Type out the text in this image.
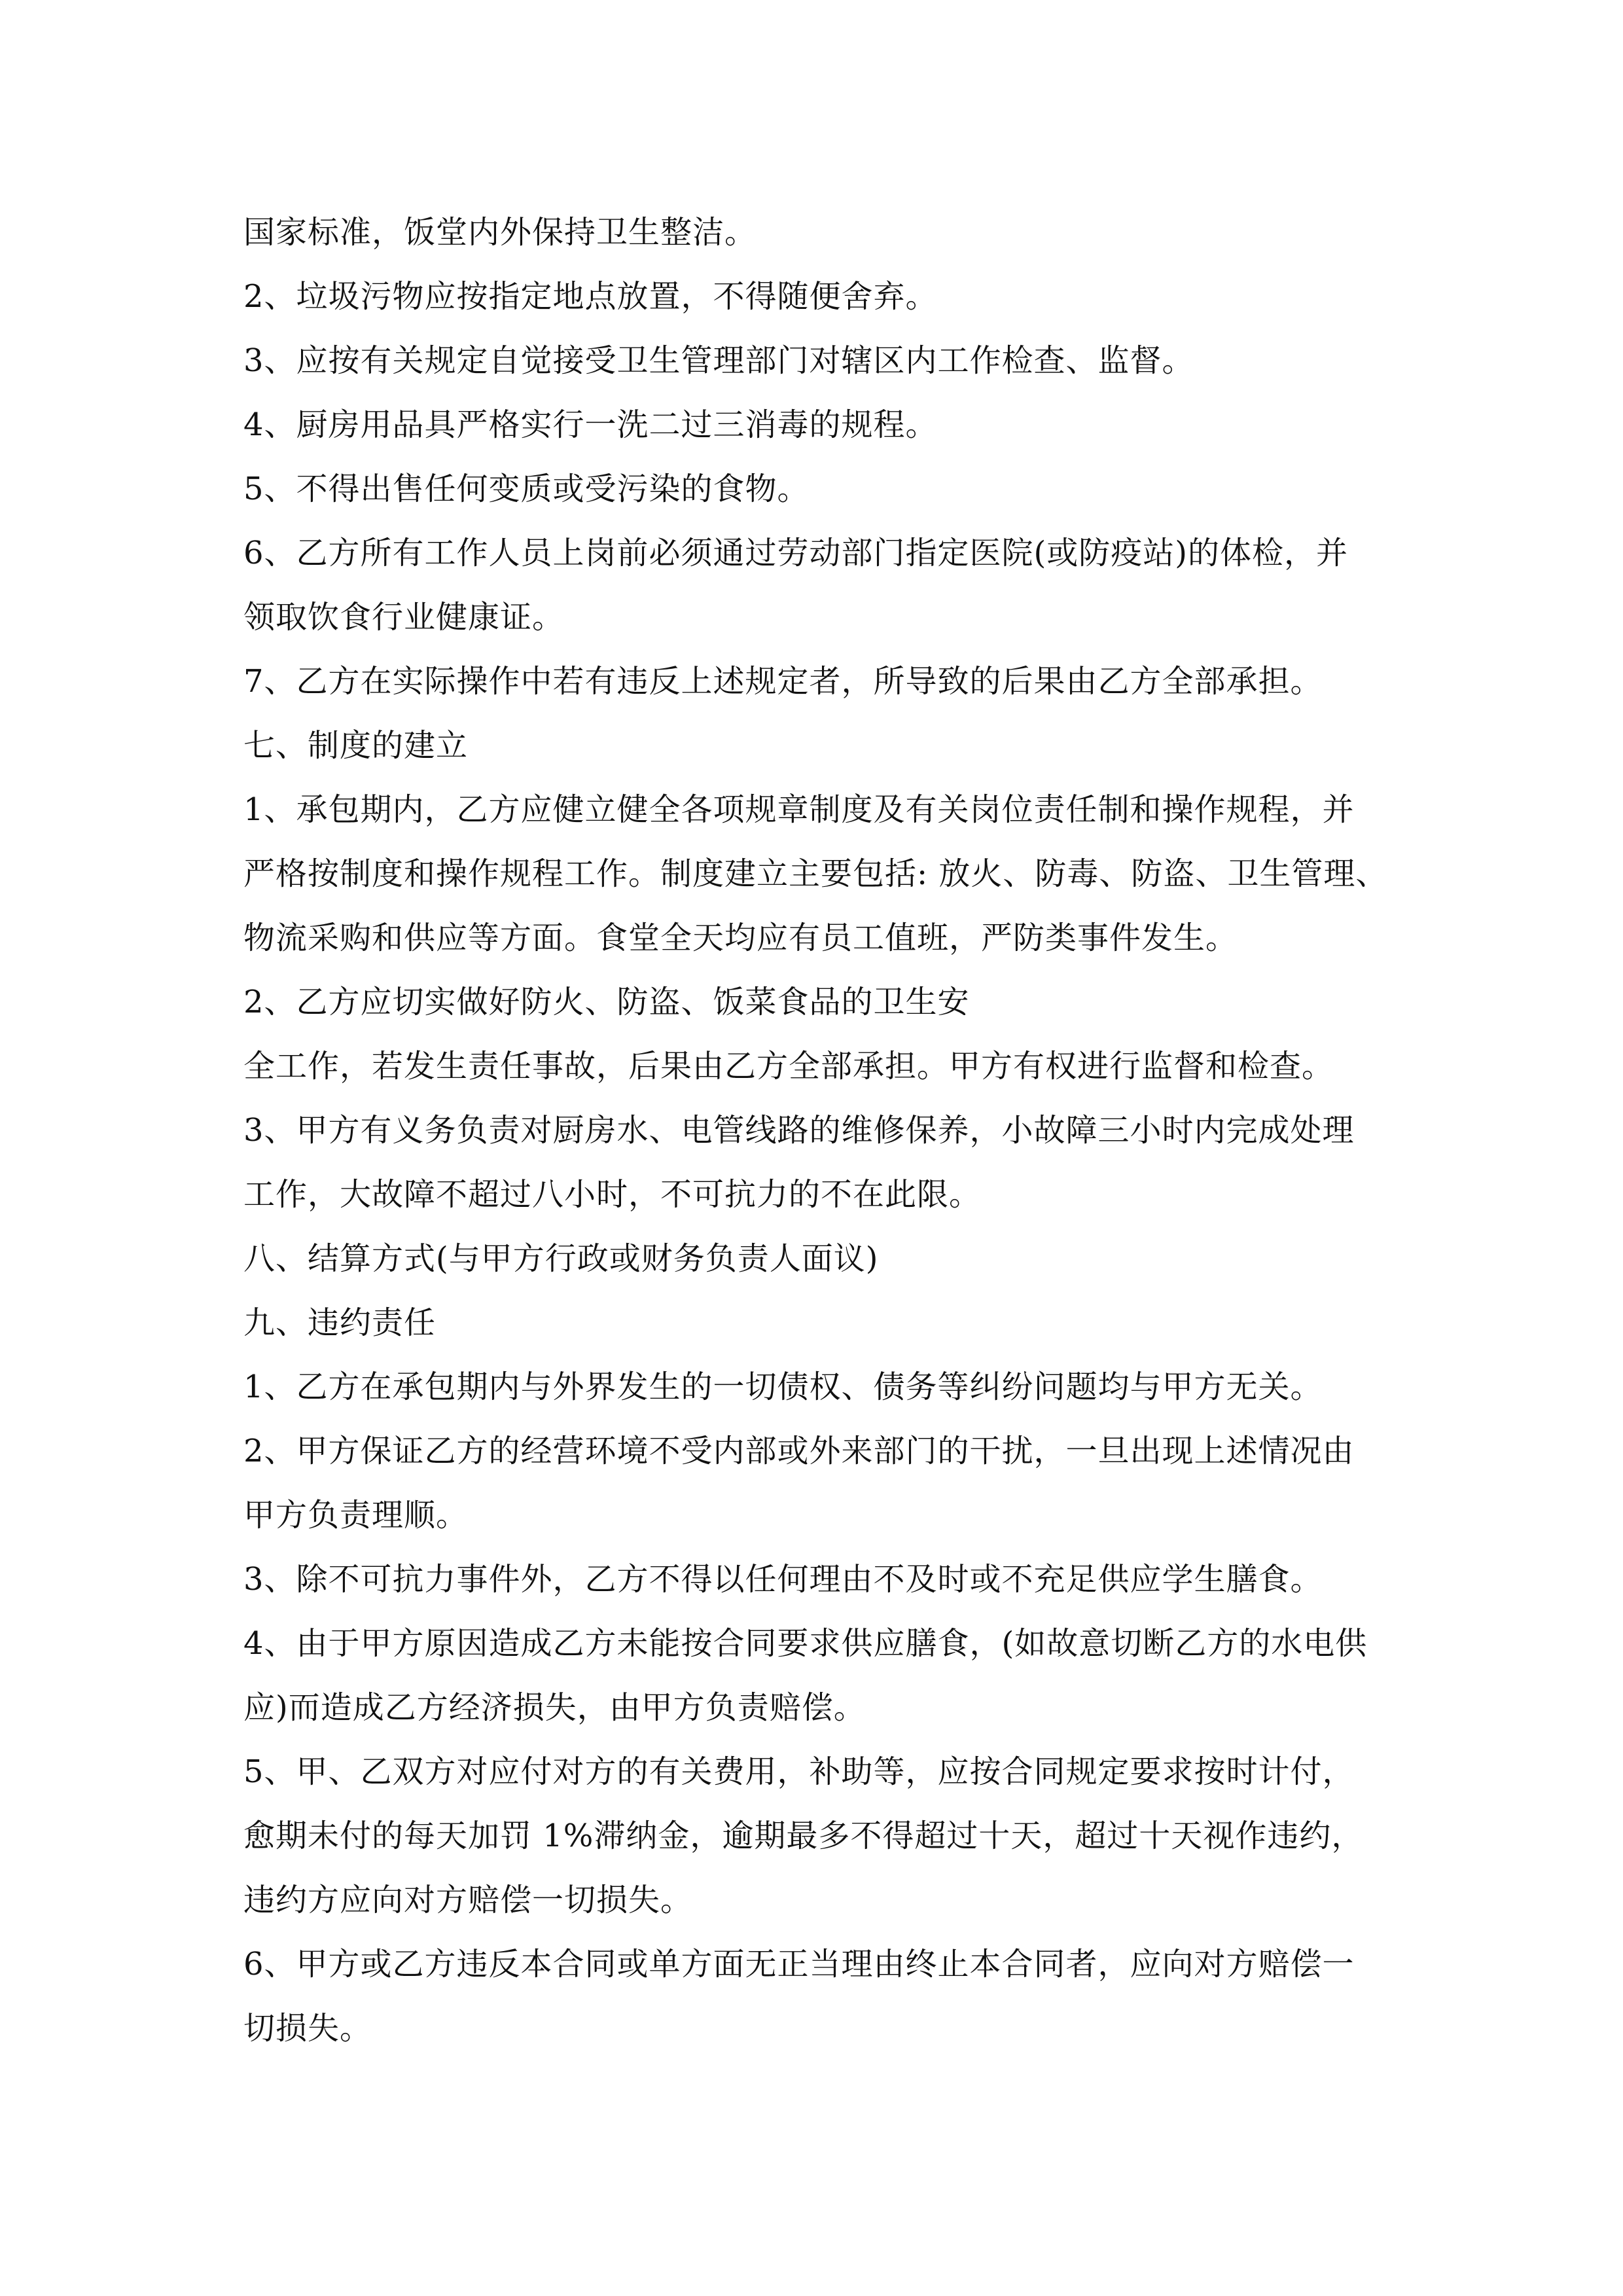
国家标准，饭堂内外保持卫生整洁。
2、垃圾污物应按指定地点放置，不得随便舍弃。
3、应按有关规定自觉接受卫生管理部门对辖区内工作检查、监督。
4、厨房用品具严格实行一洗二过三消毒的规程。
5、不得出售任何变质或受污染的食物。
6、乙方所有工作人员上岗前必须通过劳动部门指定医院(或防疫站)的体检，并
领取饮食行业健康证。
7、乙方在实际操作中若有违反上述规定者，所导致的后果由乙方全部承担。
七、制度的建立
1、承包期内，乙方应健立健全各项规章制度及有关岗位责任制和操作规程，并
严格按制度和操作规程工作。制度建立主要包括: 放火、防毒、防盗、卫生管理、
物流采购和供应等方面。食堂全天均应有员工值班，严防类事件发生。
2、乙方应切实做好防火、防盗、饭菜食品的卫生安
全工作，若发生责任事故，后果由乙方全部承担。甲方有权进行监督和检查。
3、甲方有义务负责对厨房水、电管线路的维修保养，小故障三小时内完成处理
工作，大故障不超过八小时，不可抗力的不在此限。
八、结算方式(与甲方行政或财务负责人面议)
九、违约责任
1、乙方在承包期内与外界发生的一切债权、债务等纠纷问题均与甲方无关。
2、甲方保证乙方的经营环境不受内部或外来部门的干扰，一旦出现上述情况由
甲方负责理顺。
3、除不可抗力事件外，乙方不得以任何理由不及时或不充足供应学生膳食。
4、由于甲方原因造成乙方未能按合同要求供应膳食，(如故意切断乙方的水电供
应)而造成乙方经济损失，由甲方负责赔偿。
5、甲、乙双方对应付对方的有关费用，补助等，应按合同规定要求按时计付，
愈期未付的每天加罚 1%滞纳金，逾期最多不得超过十天，超过十天视作违约，
违约方应向对方赔偿一切损失。
6、甲方或乙方违反本合同或单方面无正当理由终止本合同者，应向对方赔偿一
切损失。
